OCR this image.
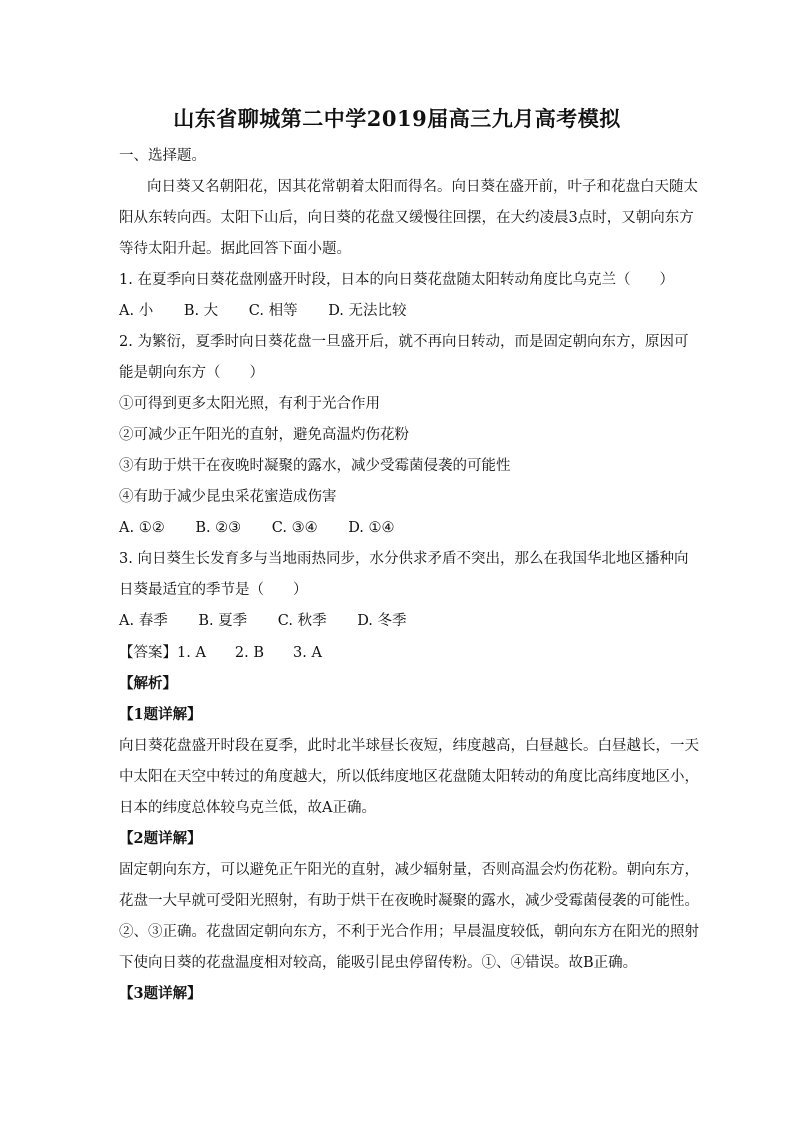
山东省聊城第二中学2019届高三九月高考模拟
一、选择题。
向日葵又名朝阳花，因其花常朝着太阳而得名。向日葵在盛开前，叶子和花盘白天随太
阳从东转向西。太阳下山后，向日葵的花盘又缓慢往回摆，在大约凌晨3点时，又朝向东方
等待太阳升起。据此回答下面小题。
1. 在夏季向日葵花盘刚盛开时段，日本的向日葵花盘随太阳转动角度比乌克兰（　　）
A. 小 B. 大 C. 相等 D. 无法比较
2. 为繁衍，夏季时向日葵花盘一旦盛开后，就不再向日转动，而是固定朝向东方，原因可
能是朝向东方（　　）
①可得到更多太阳光照，有利于光合作用
②可减少正午阳光的直射，避免高温灼伤花粉
③有助于烘干在夜晚时凝聚的露水，减少受霉菌侵袭的可能性
④有助于减少昆虫采花蜜造成伤害
A. ①② B. ②③ C. ③④ D. ①④
3. 向日葵生长发育多与当地雨热同步，水分供求矛盾不突出，那么在我国华北地区播种向
日葵最适宜的季节是（　　）
A. 春季 B. 夏季 C. 秋季 D. 冬季
【答案】1. A　　2. B　　3. A
【解析】
【1题详解】
向日葵花盘盛开时段在夏季，此时北半球昼长夜短，纬度越高，白昼越长。白昼越长，一天
中太阳在天空中转过的角度越大，所以低纬度地区花盘随太阳转动的角度比高纬度地区小，
日本的纬度总体较乌克兰低，故A正确。
【2题详解】
固定朝向东方，可以避免正午阳光的直射，减少辐射量，否则高温会灼伤花粉。朝向东方，
花盘一大早就可受阳光照射，有助于烘干在夜晚时凝聚的露水，减少受霉菌侵袭的可能性。
②、③正确。花盘固定朝向东方，不利于光合作用；早晨温度较低，朝向东方在阳光的照射
下使向日葵的花盘温度相对较高，能吸引昆虫停留传粉。①、④错误。故B正确。
【3题详解】
